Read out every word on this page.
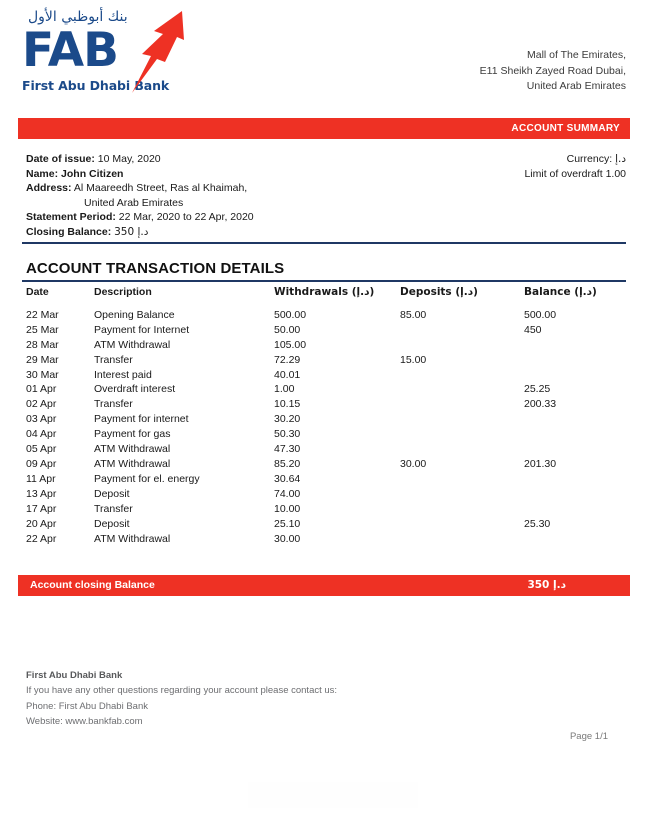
بنك أبوظبي الأول
FAB
First Abu Dhabi Bank
Mall of The Emirates,
E11 Sheikh Zayed Road Dubai,
United Arab Emirates
ACCOUNT SUMMARY
Date of issue: 10 May, 2020
Name: John Citizen
Address: Al Maareedh Street, Ras al Khaimah,
United Arab Emirates
Statement Period: 22 Mar, 2020 to 22 Apr, 2020
Closing Balance: 350 د.إ
Currency: د.إ
Limit of overdraft 1.00
ACCOUNT TRANSACTION DETAILS
Date	Description	Withdrawals (د.إ)	Deposits (د.إ)	Balance (د.إ)
22 Mar	Opening Balance	500.00	85.00	500.00
25 Mar	Payment for Internet	50.00		450
28 Mar	ATM Withdrawal	105.00		
29 Mar	Transfer	72.29	15.00	
30 Mar	Interest paid	40.01		
01 Apr	Overdraft interest	1.00		25.25
02 Apr	Transfer	10.15		200.33
03 Apr	Payment for internet	30.20		
04 Apr	Payment for gas	50.30		
05 Apr	ATM Withdrawal	47.30		
09 Apr	ATM Withdrawal	85.20	30.00	201.30
11 Apr	Payment for el. energy	30.64		
13 Apr	Deposit	74.00		
17 Apr	Transfer	10.00		
20 Apr	Deposit	25.10		25.30
22 Apr	ATM Withdrawal	30.00		
Account closing Balance	350 د.إ
First Abu Dhabi Bank
If you have any other questions regarding your account please contact us:
Phone: First Abu Dhabi Bank
Website: www.bankfab.com
Page 1/1
